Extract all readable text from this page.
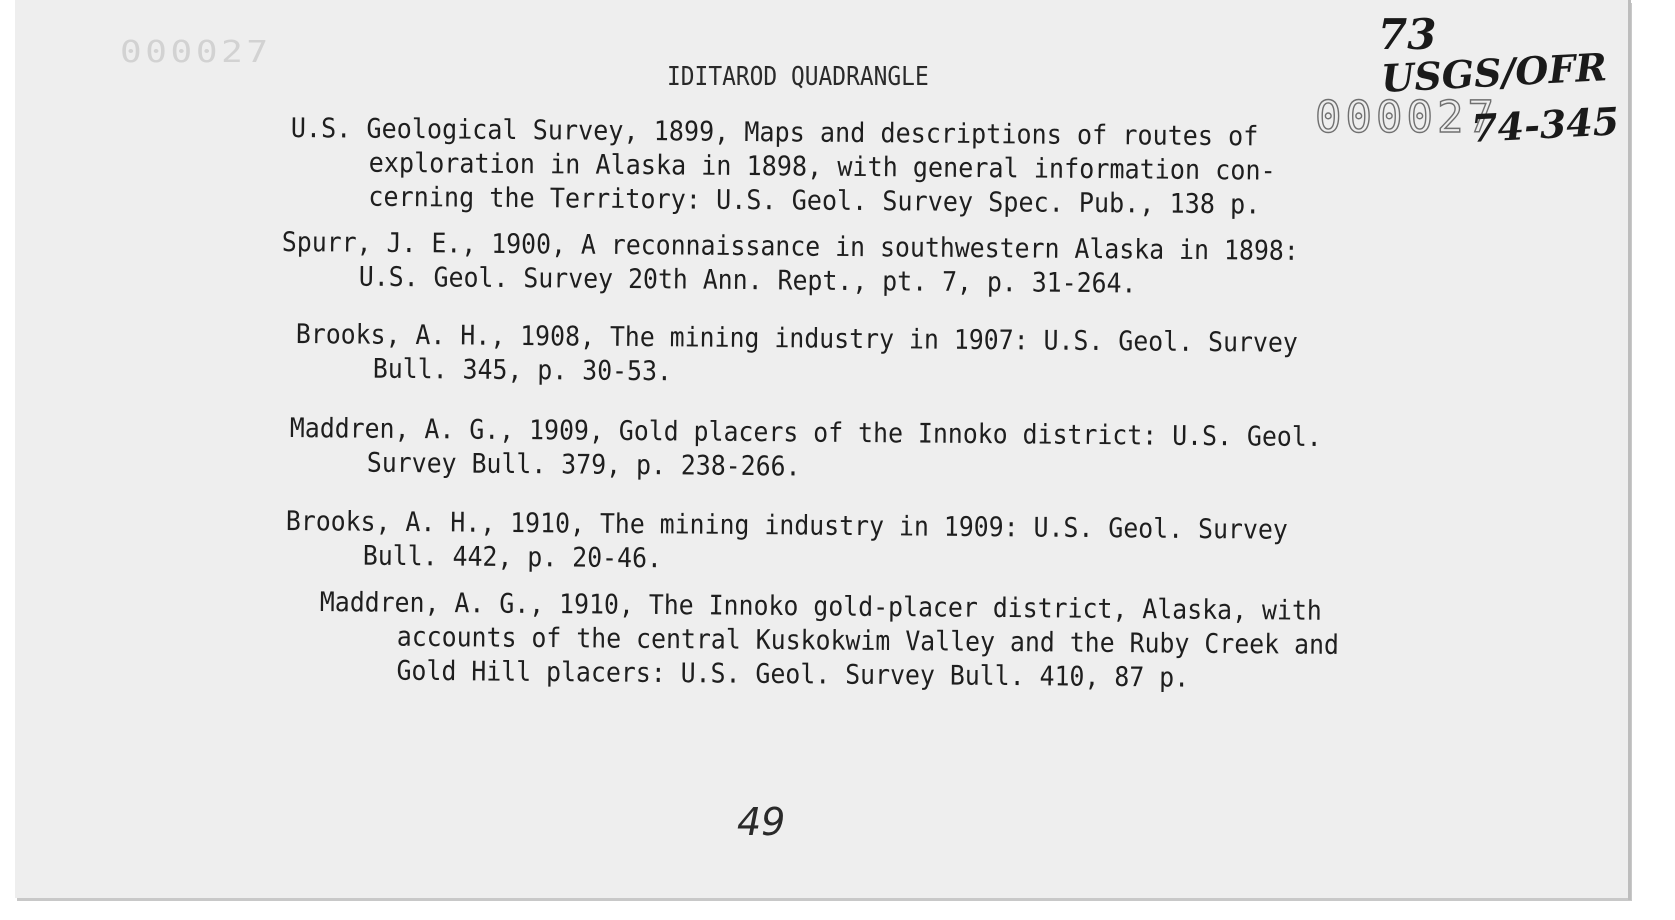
000027
IDITAROD QUADRANGLE
000027
73
USGS/OFR
74-345
U.S. Geological Survey, 1899, Maps and descriptions of routes of
exploration in Alaska in 1898, with general information con-
cerning the Territory: U.S. Geol. Survey Spec. Pub., 138 p.
Spurr, J. E., 1900, A reconnaissance in southwestern Alaska in 1898:
U.S. Geol. Survey 20th Ann. Rept., pt. 7, p. 31-264.
Brooks, A. H., 1908, The mining industry in 1907: U.S. Geol. Survey
Bull. 345, p. 30-53.
Maddren, A. G., 1909, Gold placers of the Innoko district: U.S. Geol.
Survey Bull. 379, p. 238-266.
Brooks, A. H., 1910, The mining industry in 1909: U.S. Geol. Survey
Bull. 442, p. 20-46.
Maddren, A. G., 1910, The Innoko gold-placer district, Alaska, with
accounts of the central Kuskokwim Valley and the Ruby Creek and
Gold Hill placers: U.S. Geol. Survey Bull. 410, 87 p.
49
